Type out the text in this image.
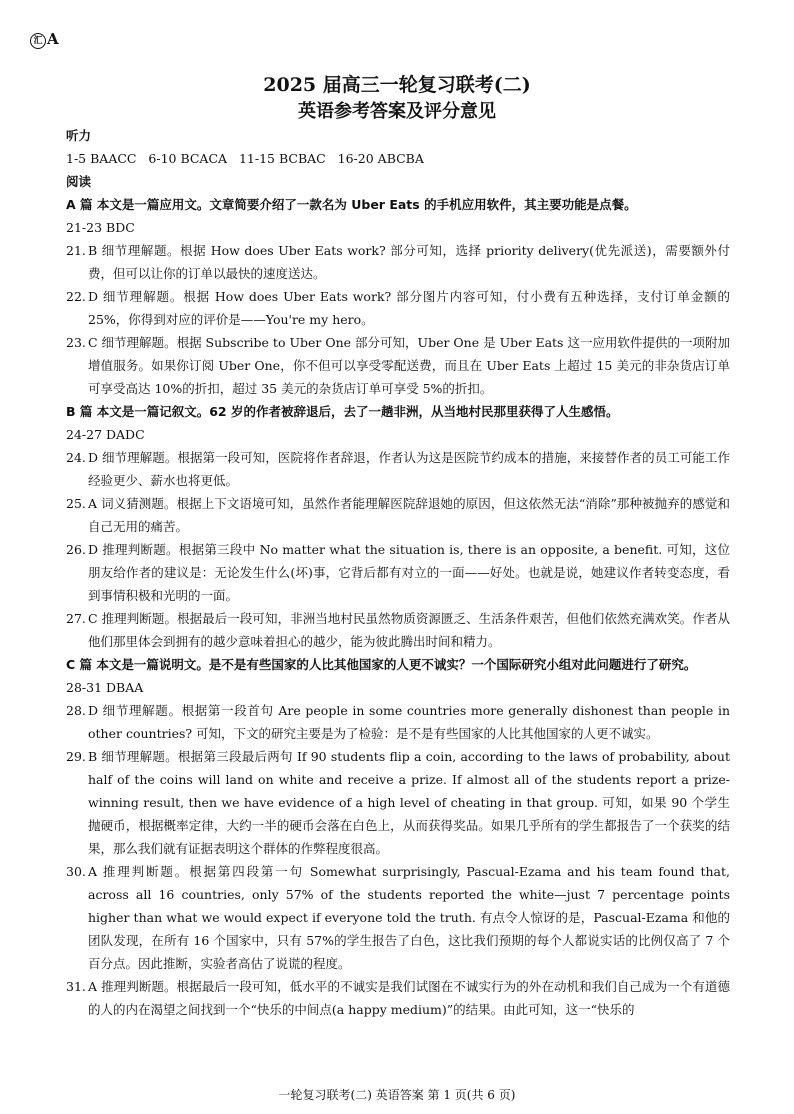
汇 A
2025 届高三一轮复习联考(二)
英语参考答案及评分意见
听力
1-5 BAACC   6-10 BCACA   11-15 BCBAC   16-20 ABCBA
阅读
A 篇 本文是一篇应用文。文章简要介绍了一款名为 Uber Eats 的手机应用软件，其主要功能是点餐。
21-23 BDC
21. B 细节理解题。根据 How does Uber Eats work? 部分可知，选择 priority delivery(优先派送)，需要额外付费，但可以让你的订单以最快的速度送达。
22. D 细节理解题。根据 How does Uber Eats work? 部分图片内容可知，付小费有五种选择，支付订单金额的 25%，你得到对应的评价是——You're my hero。
23. C 细节理解题。根据 Subscribe to Uber One 部分可知，Uber One 是 Uber Eats 这一应用软件提供的一项附加增值服务。如果你订阅 Uber One，你不但可以享受零配送费，而且在 Uber Eats 上超过 15 美元的非杂货店订单可享受高达 10%的折扣，超过 35 美元的杂货店订单可享受 5%的折扣。
B 篇 本文是一篇记叙文。62 岁的作者被辞退后，去了一趟非洲，从当地村民那里获得了人生感悟。
24-27 DADC
24. D 细节理解题。根据第一段可知，医院将作者辞退，作者认为这是医院节约成本的措施，来接替作者的员工可能工作经验更少、薪水也将更低。
25. A 词义猜测题。根据上下文语境可知，虽然作者能理解医院辞退她的原因，但这依然无法“消除”那种被抛弃的感觉和自己无用的痛苦。
26. D 推理判断题。根据第三段中 No matter what the situation is, there is an opposite, a benefit. 可知，这位朋友给作者的建议是：无论发生什么(坏)事，它背后都有对立的一面——好处。也就是说，她建议作者转变态度，看到事情积极和光明的一面。
27. C 推理判断题。根据最后一段可知，非洲当地村民虽然物质资源匮乏、生活条件艰苦，但他们依然充满欢笑。作者从他们那里体会到拥有的越少意味着担心的越少，能为彼此腾出时间和精力。
C 篇 本文是一篇说明文。是不是有些国家的人比其他国家的人更不诚实？一个国际研究小组对此问题进行了研究。
28-31 DBAA
28. D 细节理解题。根据第一段首句 Are people in some countries more generally dishonest than people in other countries? 可知，下文的研究主要是为了检验：是不是有些国家的人比其他国家的人更不诚实。
29. B 细节理解题。根据第三段最后两句 If 90 students flip a coin, according to the laws of probability, about half of the coins will land on white and receive a prize. If almost all of the students report a prize-winning result, then we have evidence of a high level of cheating in that group. 可知，如果 90 个学生抛硬币，根据概率定律，大约一半的硬币会落在白色上，从而获得奖品。如果几乎所有的学生都报告了一个获奖的结果，那么我们就有证据表明这个群体的作弊程度很高。
30. A 推理判断题。根据第四段第一句 Somewhat surprisingly, Pascual-Ezama and his team found that, across all 16 countries, only 57% of the students reported the white—just 7 percentage points higher than what we would expect if everyone told the truth. 有点令人惊讶的是，Pascual-Ezama 和他的团队发现，在所有 16 个国家中，只有 57%的学生报告了白色，这比我们预期的每个人都说实话的比例仅高了 7 个百分点。因此推断，实验者高估了说谎的程度。
31. A 推理判断题。根据最后一段可知，低水平的不诚实是我们试图在不诚实行为的外在动机和我们自己成为一个有道德的人的内在渴望之间找到一个“快乐的中间点(a happy medium)”的结果。由此可知，这一“快乐的
一轮复习联考(二) 英语答案 第 1 页(共 6 页)
